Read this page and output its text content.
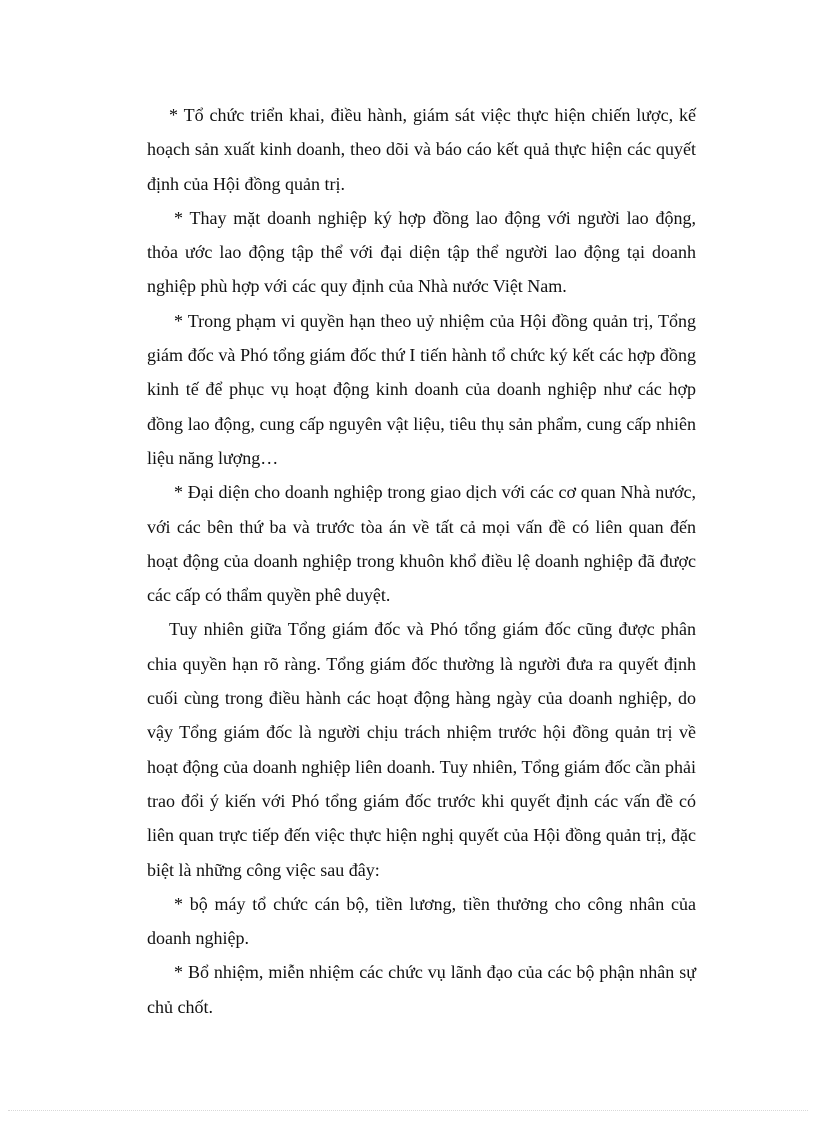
* Tổ chức triển khai, điều hành, giám sát việc thực hiện chiến lược, kế hoạch sản xuất kinh doanh, theo dõi và báo cáo kết quả thực hiện các quyết định của Hội đồng quản trị.

* Thay mặt doanh nghiệp ký hợp đồng lao động với người lao động, thỏa ước lao động tập thể với đại diện tập thể người lao động tại doanh nghiệp phù hợp với các quy định của Nhà nước Việt Nam.

* Trong phạm vi quyền hạn theo uỷ nhiệm của Hội đồng quản trị, Tổng giám đốc và Phó tổng giám đốc thứ I tiến hành tổ chức ký kết các hợp đồng kinh tế để phục vụ hoạt động kinh doanh của doanh nghiệp như các hợp đồng lao động, cung cấp nguyên vật liệu, tiêu thụ sản phẩm, cung cấp nhiên liệu năng lượng…

* Đại diện cho doanh nghiệp trong giao dịch với các cơ quan Nhà nước, với các bên thứ ba và trước tòa án về tất cả mọi vấn đề có liên quan đến hoạt động của doanh nghiệp trong khuôn khổ điều lệ doanh nghiệp đã được các cấp có thẩm quyền phê duyệt.

Tuy nhiên giữa Tổng giám đốc và Phó tổng giám đốc cũng được phân chia quyền hạn rõ ràng. Tổng giám đốc thường là người đưa ra quyết định cuối cùng trong điều hành các hoạt động hàng ngày của doanh nghiệp, do vậy Tổng giám đốc là người chịu trách nhiệm trước hội đồng quản trị về hoạt động của doanh nghiệp liên doanh. Tuy nhiên, Tổng giám đốc cần phải trao đổi ý kiến với Phó tổng giám đốc trước khi quyết định các vấn đề có liên quan trực tiếp đến việc thực hiện nghị quyết của Hội đồng quản trị, đặc biệt là những công việc sau đây:

* bộ máy tổ chức cán bộ, tiền lương, tiền thưởng cho công nhân của doanh nghiệp.

* Bổ nhiệm, miễn nhiệm các chức vụ lãnh đạo của các bộ phận nhân sự chủ chốt.
